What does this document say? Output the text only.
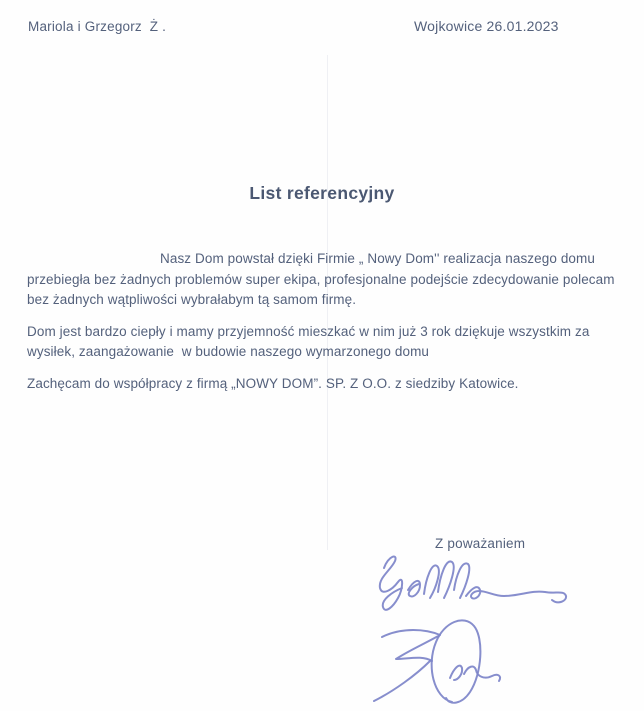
Mariola i Grzegorz  Ż .	Wojkowice 26.01.2023
List referencyjny

Nasz Dom powstał dzięki Firmie „ Nowy Dom'' realizacja naszego domu przebiegła bez żadnych problemów super ekipa, profesjonalne podejście zdecydowanie polecam bez żadnych wątpliwości wybrałabym tą samom firmę.

Dom jest bardzo ciepły i mamy przyjemność mieszkać w nim już 3 rok dziękuje wszystkim za wysiłek, zaangażowanie  w budowie naszego wymarzonego domu

Zachęcam do współpracy z firmą „NOWY DOM”. SP. Z O.O. z siedziby Katowice.

Z poważaniem
